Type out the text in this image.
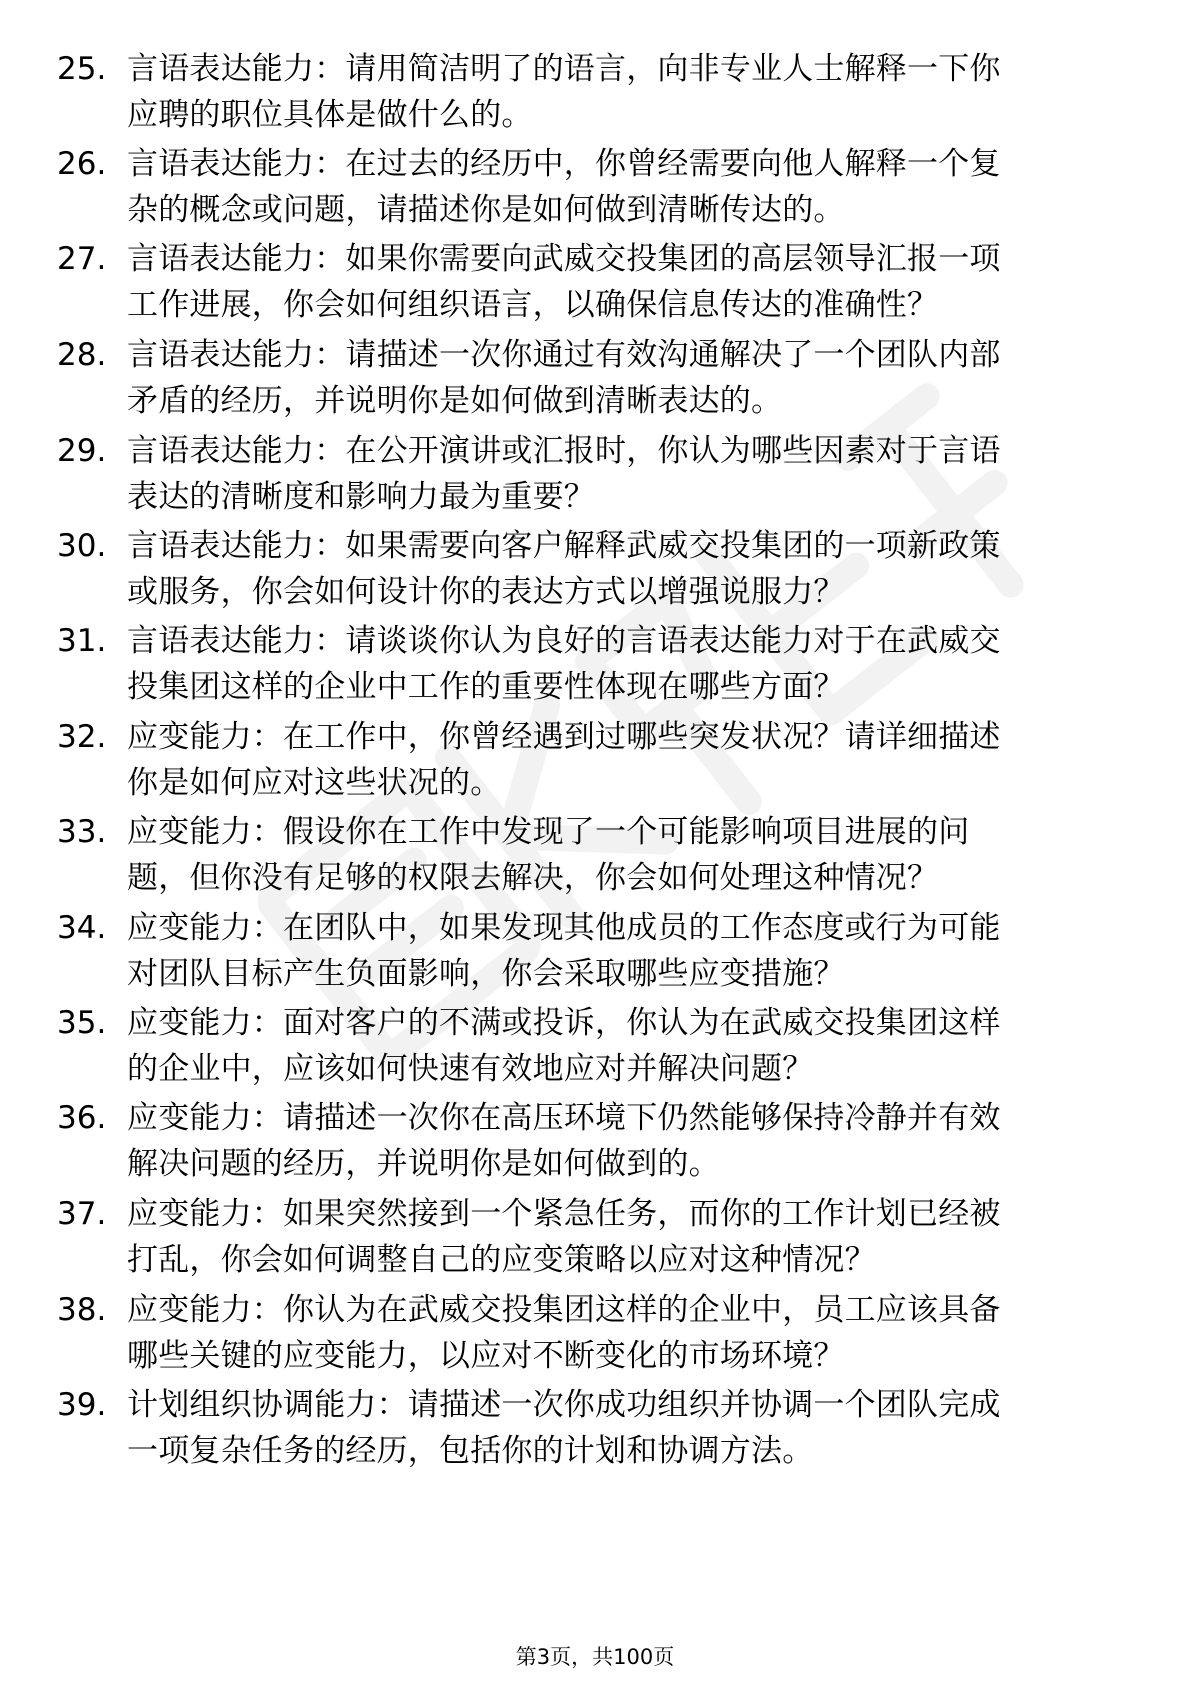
25. 言语表达能力：请用简洁明了的语言，向非专业人士解释一下你
应聘的职位具体是做什么的。
26. 言语表达能力：在过去的经历中，你曾经需要向他人解释一个复
杂的概念或问题，请描述你是如何做到清晰传达的。
27. 言语表达能力：如果你需要向武威交投集团的高层领导汇报一项
工作进展，你会如何组织语言，以确保信息传达的准确性？
28. 言语表达能力：请描述一次你通过有效沟通解决了一个团队内部
矛盾的经历，并说明你是如何做到清晰表达的。
29. 言语表达能力：在公开演讲或汇报时，你认为哪些因素对于言语
表达的清晰度和影响力最为重要？
30. 言语表达能力：如果需要向客户解释武威交投集团的一项新政策
或服务，你会如何设计你的表达方式以增强说服力？
31. 言语表达能力：请谈谈你认为良好的言语表达能力对于在武威交
投集团这样的企业中工作的重要性体现在哪些方面？
32. 应变能力：在工作中，你曾经遇到过哪些突发状况？请详细描述
你是如何应对这些状况的。
33. 应变能力：假设你在工作中发现了一个可能影响项目进展的问
题，但你没有足够的权限去解决，你会如何处理这种情况？
34. 应变能力：在团队中，如果发现其他成员的工作态度或行为可能
对团队目标产生负面影响，你会采取哪些应变措施？
35. 应变能力：面对客户的不满或投诉，你认为在武威交投集团这样
的企业中，应该如何快速有效地应对并解决问题？
36. 应变能力：请描述一次你在高压环境下仍然能够保持冷静并有效
解决问题的经历，并说明你是如何做到的。
37. 应变能力：如果突然接到一个紧急任务，而你的工作计划已经被
打乱，你会如何调整自己的应变策略以应对这种情况？
38. 应变能力：你认为在武威交投集团这样的企业中，员工应该具备
哪些关键的应变能力，以应对不断变化的市场环境？
39. 计划组织协调能力：请描述一次你成功组织并协调一个团队完成
一项复杂任务的经历，包括你的计划和协调方法。
第3页，共100页
